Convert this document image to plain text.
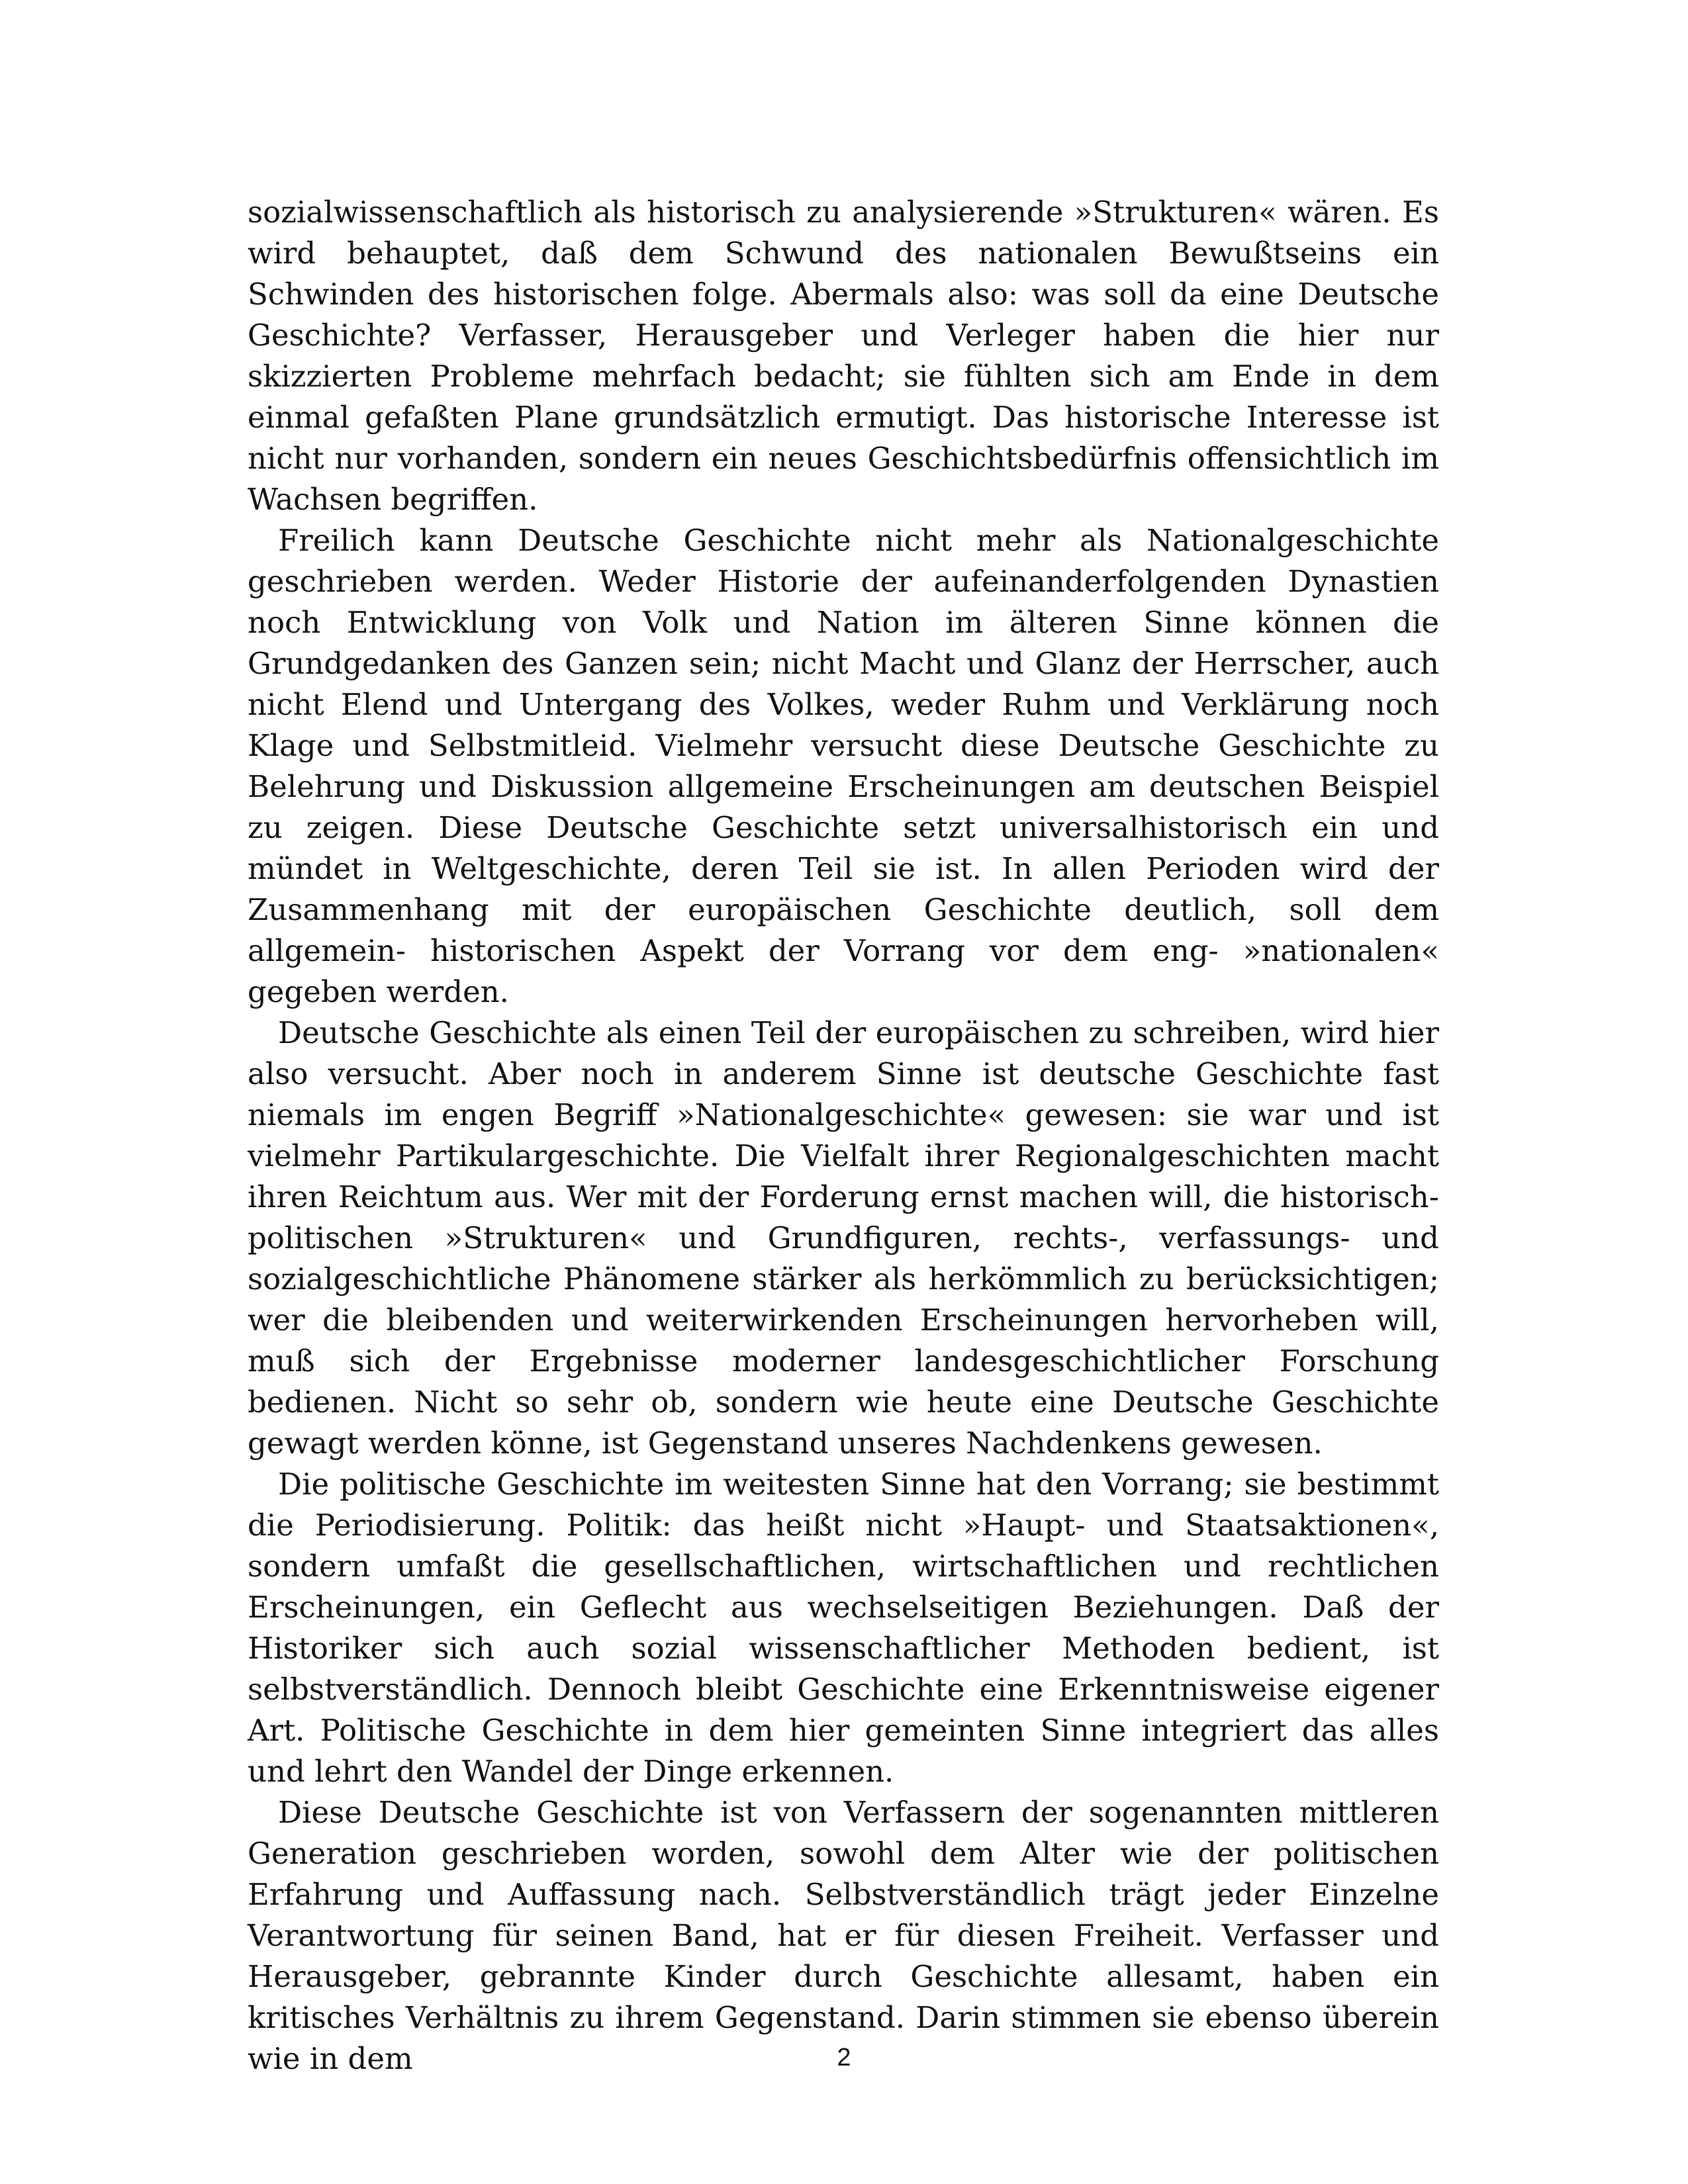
sozialwissenschaftlich als historisch zu analysierende »Strukturen« wären. Es wird behauptet, daß dem Schwund des nationalen Bewußtseins ein Schwinden des historischen folge. Abermals also: was soll da eine Deutsche Geschichte? Verfasser, Herausgeber und Verleger haben die hier nur skizzierten Probleme mehrfach bedacht; sie fühlten sich am Ende in dem einmal gefaßten Plane grundsätzlich ermutigt. Das historische Interesse ist nicht nur vorhanden, sondern ein neues Geschichtsbedürfnis offensichtlich im Wachsen begriffen.

Freilich kann Deutsche Geschichte nicht mehr als Nationalgeschichte geschrieben werden. Weder Historie der aufeinanderfolgenden Dynastien noch Entwicklung von Volk und Nation im älteren Sinne können die Grundgedanken des Ganzen sein; nicht Macht und Glanz der Herrscher, auch nicht Elend und Untergang des Volkes, weder Ruhm und Verklärung noch Klage und Selbstmitleid. Vielmehr versucht diese Deutsche Geschichte zu Belehrung und Diskussion allgemeine Erscheinungen am deutschen Beispiel zu zeigen. Diese Deutsche Geschichte setzt universalhistorisch ein und mündet in Weltgeschichte, deren Teil sie ist. In allen Perioden wird der Zusammenhang mit der europäischen Geschichte deutlich, soll dem allgemein- historischen Aspekt der Vorrang vor dem eng- »nationalen« gegeben werden.

Deutsche Geschichte als einen Teil der europäischen zu schreiben, wird hier also versucht. Aber noch in anderem Sinne ist deutsche Geschichte fast niemals im engen Begriff »Nationalgeschichte« gewesen: sie war und ist vielmehr Partikulargeschichte. Die Vielfalt ihrer Regionalgeschichten macht ihren Reichtum aus. Wer mit der Forderung ernst machen will, die historisch-politischen »Strukturen« und Grundfiguren, rechts-, verfassungs- und sozialgeschichtliche Phänomene stärker als herkömmlich zu berücksichtigen; wer die bleibenden und weiterwirkenden Erscheinungen hervorheben will, muß sich der Ergebnisse moderner landesgeschichtlicher Forschung bedienen. Nicht so sehr ob, sondern wie heute eine Deutsche Geschichte gewagt werden könne, ist Gegenstand unseres Nachdenkens gewesen.

Die politische Geschichte im weitesten Sinne hat den Vorrang; sie bestimmt die Periodisierung. Politik: das heißt nicht »Haupt- und Staatsaktionen«, sondern umfaßt die gesellschaftlichen, wirtschaftlichen und rechtlichen Erscheinungen, ein Geflecht aus wechselseitigen Beziehungen. Daß der Historiker sich auch sozial wissenschaftlicher Methoden bedient, ist selbstverständlich. Dennoch bleibt Geschichte eine Erkenntnisweise eigener Art. Politische Geschichte in dem hier gemeinten Sinne integriert das alles und lehrt den Wandel der Dinge erkennen.

Diese Deutsche Geschichte ist von Verfassern der sogenannten mittleren Generation geschrieben worden, sowohl dem Alter wie der politischen Erfahrung und Auffassung nach. Selbstverständlich trägt jeder Einzelne Verantwortung für seinen Band, hat er für diesen Freiheit. Verfasser und Herausgeber, gebrannte Kinder durch Geschichte allesamt, haben ein kritisches Verhältnis zu ihrem Gegenstand. Darin stimmen sie ebenso überein wie in dem	2
